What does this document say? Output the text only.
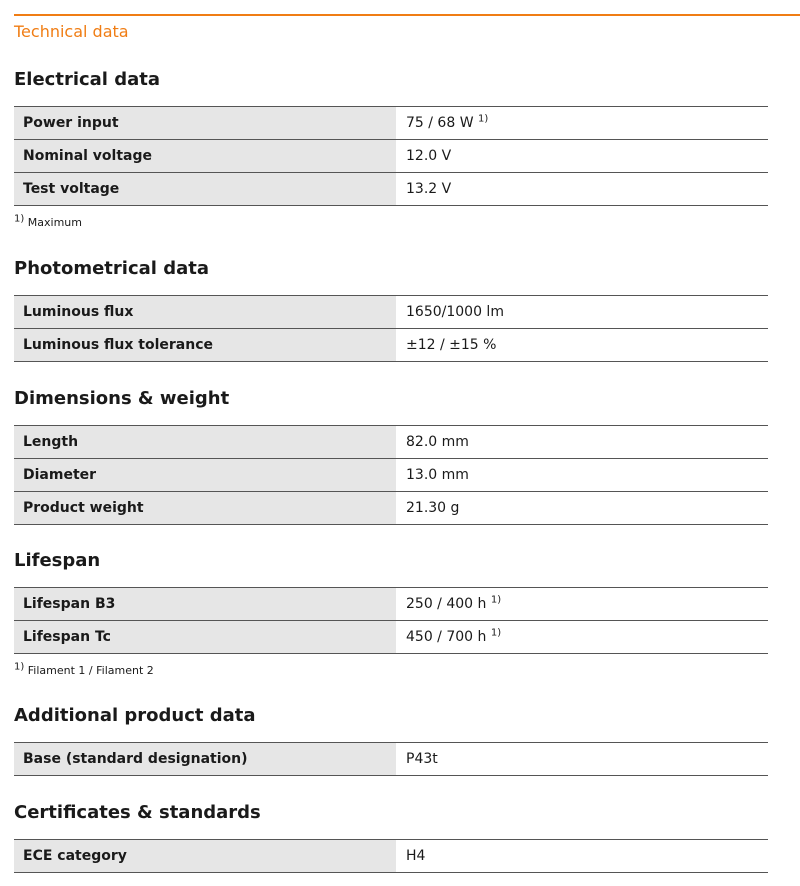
Technical data
Electrical data
Power input	75 / 68 W $^{1)}$
Nominal voltage	12.0 V
Test voltage	13.2 V
1) Maximum
Photometrical data
Luminous flux	1650/1000 lm
Luminous flux tolerance	±12 / ±15 %
Dimensions & weight
Length	82.0 mm
Diameter	13.0 mm
Product weight	21.30 g
Lifespan
Lifespan B3	250 / 400 h $^{1)}$
Lifespan Tc	450 / 700 h $^{1)}$
1) Filament 1 / Filament 2
Additional product data
Base (standard designation)	P43t
Certificates & standards
ECE category	H4
